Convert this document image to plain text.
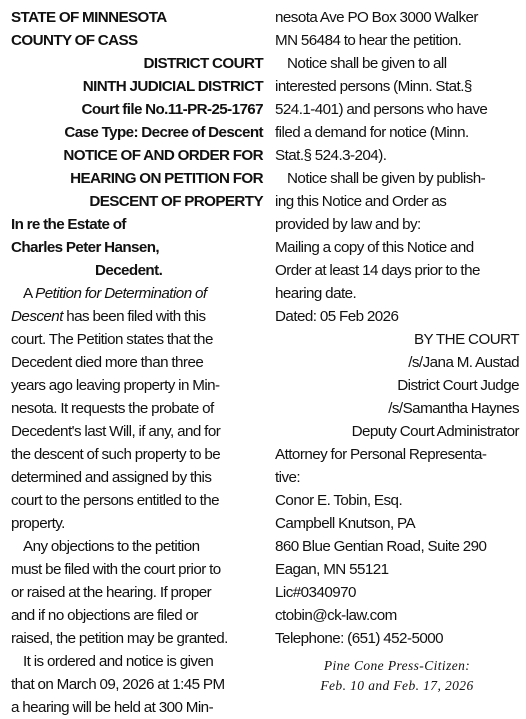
STATE OF MINNESOTA
COUNTY OF CASS
DISTRICT COURT
NINTH JUDICIAL DISTRICT
Court file No.11-PR-25-1767
Case Type: Decree of Descent
NOTICE OF AND ORDER FOR
HEARING ON PETITION FOR
DESCENT OF PROPERTY
In re the Estate of
Charles Peter Hansen,
Decedent.
A Petition for Determination of
Descent has been filed with this
court. The Petition states that the
Decedent died more than three
years ago leaving property in Min-
nesota. It requests the probate of
Decedent's last Will, if any, and for
the descent of such property to be
determined and assigned by this
court to the persons entitled to the
property.
Any objections to the petition
must be filed with the court prior to
or raised at the hearing. If proper
and if no objections are filed or
raised, the petition may be granted.
It is ordered and notice is given
that on March 09, 2026 at 1:45 PM
a hearing will be held at 300 Min-
nesota Ave PO Box 3000 Walker
MN 56484 to hear the petition.
Notice shall be given to all
interested persons (Minn. Stat.§
524.1-401) and persons who have
filed a demand for notice (Minn.
Stat.§ 524.3-204).
Notice shall be given by publish-
ing this Notice and Order as
provided by law and by:
Mailing a copy of this Notice and
Order at least 14 days prior to the
hearing date.
Dated: 05 Feb 2026
BY THE COURT
/s/Jana M. Austad
District Court Judge
/s/Samantha Haynes
Deputy Court Administrator
Attorney for Personal Representa-
tive:
Conor E. Tobin, Esq.
Campbell Knutson, PA
860 Blue Gentian Road, Suite 290
Eagan, MN 55121
Lic#0340970
ctobin@ck-law.com
Telephone: (651) 452-5000
Pine Cone Press-Citizen:
Feb. 10 and Feb. 17, 2026
